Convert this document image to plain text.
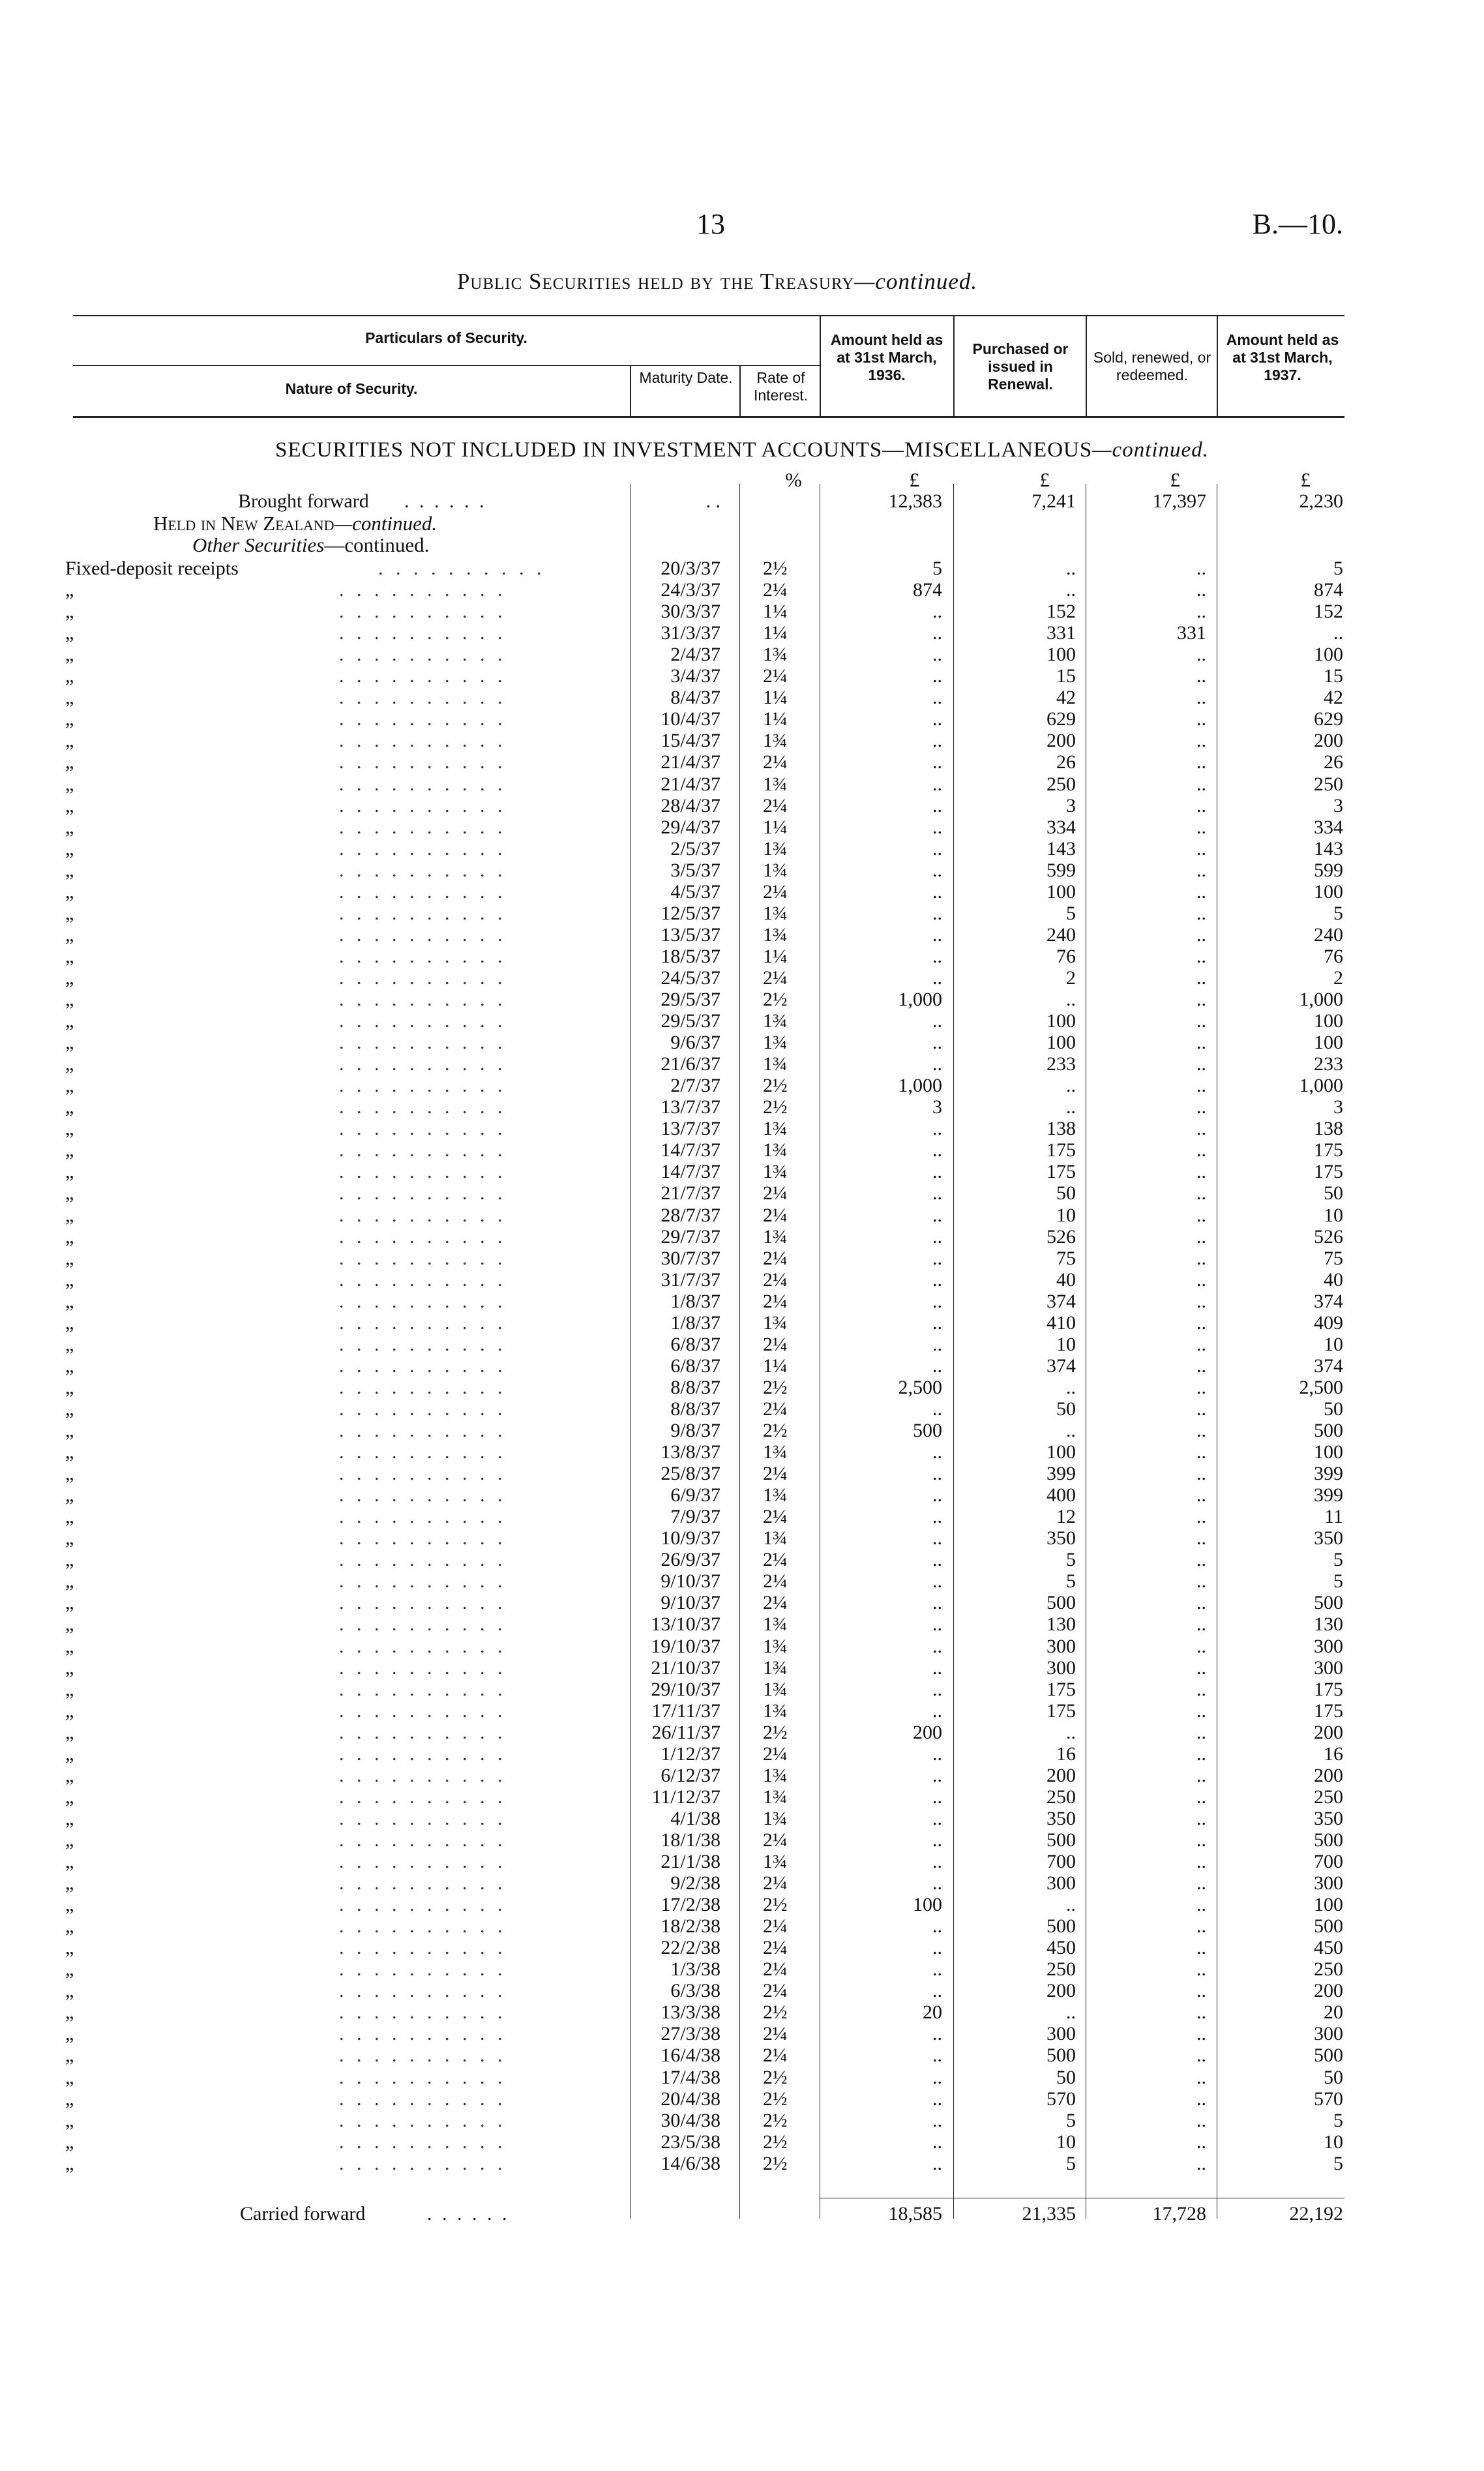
13	B.—10.
Public Securities held by the Treasury—continued.
Particulars of Security.
Nature of Security.
Maturity Date.	Rate of Interest.
Amount held as at 31st March, 1936.
Purchased or issued in Renewal.
Sold, renewed, or redeemed.
Amount held as at 31st March, 1937.
SECURITIES NOT INCLUDED IN INVESTMENT ACCOUNTS—MISCELLANEOUS—continued.
%	£	£	£	£
Brought forward . . . . . .	. .	12,383	7,241	17,397	2,230
Held in New Zealand—continued.
Other Securities—continued.
Fixed-deposit receipts	. . . . . . . . . .	20/3/37	2½	5	..	..	5
„	. . . . . . . . . .	24/3/37	2¼	874	..	..	874
„	. . . . . . . . . .	30/3/37	1¼	..	152	..	152
„	. . . . . . . . . .	31/3/37	1¼	..	331	331	..
„	. . . . . . . . . .	2/4/37	1¾	..	100	..	100
„	. . . . . . . . . .	3/4/37	2¼	..	15	..	15
„	. . . . . . . . . .	8/4/37	1¼	..	42	..	42
„	. . . . . . . . . .	10/4/37	1¼	..	629	..	629
„	. . . . . . . . . .	15/4/37	1¾	..	200	..	200
„	. . . . . . . . . .	21/4/37	2¼	..	26	..	26
„	. . . . . . . . . .	21/4/37	1¾	..	250	..	250
„	. . . . . . . . . .	28/4/37	2¼	..	3	..	3
„	. . . . . . . . . .	29/4/37	1¼	..	334	..	334
„	. . . . . . . . . .	2/5/37	1¾	..	143	..	143
„	. . . . . . . . . .	3/5/37	1¾	..	599	..	599
„	. . . . . . . . . .	4/5/37	2¼	..	100	..	100
„	. . . . . . . . . .	12/5/37	1¾	..	5	..	5
„	. . . . . . . . . .	13/5/37	1¾	..	240	..	240
„	. . . . . . . . . .	18/5/37	1¼	..	76	..	76
„	. . . . . . . . . .	24/5/37	2¼	..	2	..	2
„	. . . . . . . . . .	29/5/37	2½	1,000	..	..	1,000
„	. . . . . . . . . .	29/5/37	1¾	..	100	..	100
„	. . . . . . . . . .	9/6/37	1¾	..	100	..	100
„	. . . . . . . . . .	21/6/37	1¾	..	233	..	233
„	. . . . . . . . . .	2/7/37	2½	1,000	..	..	1,000
„	. . . . . . . . . .	13/7/37	2½	3	..	..	3
„	. . . . . . . . . .	13/7/37	1¾	..	138	..	138
„	. . . . . . . . . .	14/7/37	1¾	..	175	..	175
„	. . . . . . . . . .	14/7/37	1¾	..	175	..	175
„	. . . . . . . . . .	21/7/37	2¼	..	50	..	50
„	. . . . . . . . . .	28/7/37	2¼	..	10	..	10
„	. . . . . . . . . .	29/7/37	1¾	..	526	..	526
„	. . . . . . . . . .	30/7/37	2¼	..	75	..	75
„	. . . . . . . . . .	31/7/37	2¼	..	40	..	40
„	. . . . . . . . . .	1/8/37	2¼	..	374	..	374
„	. . . . . . . . . .	1/8/37	1¾	..	410	..	409
„	. . . . . . . . . .	6/8/37	2¼	..	10	..	10
„	. . . . . . . . . .	6/8/37	1¼	..	374	..	374
„	. . . . . . . . . .	8/8/37	2½	2,500	..	..	2,500
„	. . . . . . . . . .	8/8/37	2¼	..	50	..	50
„	. . . . . . . . . .	9/8/37	2½	500	..	..	500
„	. . . . . . . . . .	13/8/37	1¾	..	100	..	100
„	. . . . . . . . . .	25/8/37	2¼	..	399	..	399
„	. . . . . . . . . .	6/9/37	1¾	..	400	..	399
„	. . . . . . . . . .	7/9/37	2¼	..	12	..	11
„	. . . . . . . . . .	10/9/37	1¾	..	350	..	350
„	. . . . . . . . . .	26/9/37	2¼	..	5	..	5
„	. . . . . . . . . .	9/10/37	2¼	..	5	..	5
„	. . . . . . . . . .	9/10/37	2¼	..	500	..	500
„	. . . . . . . . . .	13/10/37	1¾	..	130	..	130
„	. . . . . . . . . .	19/10/37	1¾	..	300	..	300
„	. . . . . . . . . .	21/10/37	1¾	..	300	..	300
„	. . . . . . . . . .	29/10/37	1¾	..	175	..	175
„	. . . . . . . . . .	17/11/37	1¾	..	175	..	175
„	. . . . . . . . . .	26/11/37	2½	200	..	..	200
„	. . . . . . . . . .	1/12/37	2¼	..	16	..	16
„	. . . . . . . . . .	6/12/37	1¾	..	200	..	200
„	. . . . . . . . . .	11/12/37	1¾	..	250	..	250
„	. . . . . . . . . .	4/1/38	1¾	..	350	..	350
„	. . . . . . . . . .	18/1/38	2¼	..	500	..	500
„	. . . . . . . . . .	21/1/38	1¾	..	700	..	700
„	. . . . . . . . . .	9/2/38	2¼	..	300	..	300
„	. . . . . . . . . .	17/2/38	2½	100	..	..	100
„	. . . . . . . . . .	18/2/38	2¼	..	500	..	500
„	. . . . . . . . . .	22/2/38	2¼	..	450	..	450
„	. . . . . . . . . .	1/3/38	2¼	..	250	..	250
„	. . . . . . . . . .	6/3/38	2¼	..	200	..	200
„	. . . . . . . . . .	13/3/38	2½	20	..	..	20
„	. . . . . . . . . .	27/3/38	2¼	..	300	..	300
„	. . . . . . . . . .	16/4/38	2¼	..	500	..	500
„	. . . . . . . . . .	17/4/38	2½	..	50	..	50
„	. . . . . . . . . .	20/4/38	2½	..	570	..	570
„	. . . . . . . . . .	30/4/38	2½	..	5	..	5
„	. . . . . . . . . .	23/5/38	2½	..	10	..	10
„	. . . . . . . . . .	14/6/38	2½	..	5	..	5
Carried forward	. . . . . .	18,585	21,335	17,728	22,192
